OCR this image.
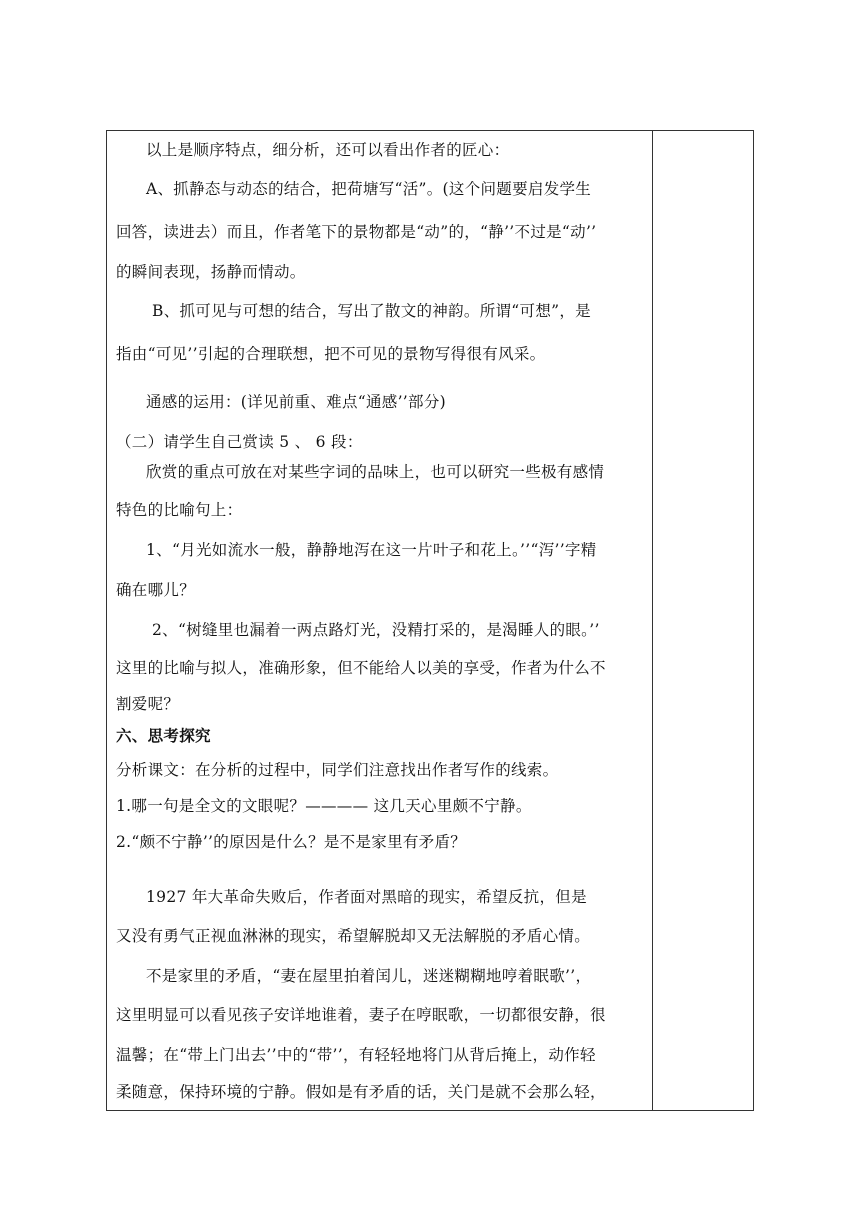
以上是顺序特点，细分析，还可以看出作者的匠心：
A、抓静态与动态的结合，把荷塘写“活”。(这个问题要启发学生
回答，读进去）而且，作者笔下的景物都是“动”的，“静’’不过是“动’’
的瞬间表现，扬静而情动。
B、抓可见与可想的结合，写出了散文的神韵。所谓“可想”，是
指由“可见’’引起的合理联想，把不可见的景物写得很有风采。
通感的运用：(详见前重、难点“通感’’部分)
（二）请学生自己赏读 5 、 6 段：
欣赏的重点可放在对某些字词的品味上，也可以研究一些极有感情
特色的比喻句上：
1、“月光如流水一般，静静地泻在这一片叶子和花上。’’“泻’’字精
确在哪儿？
2、“树缝里也漏着一两点路灯光，没精打采的，是渴睡人的眼。’’
这里的比喻与拟人，准确形象，但不能给人以美的享受，作者为什么不
割爱呢？
六、思考探究
分析课文：在分析的过程中，同学们注意找出作者写作的线索。
1.哪一句是全文的文眼呢？———— 这几天心里颇不宁静。
2.“颇不宁静’’的原因是什么？是不是家里有矛盾？
1927 年大革命失败后，作者面对黑暗的现实，希望反抗，但是
又没有勇气正视血淋淋的现实，希望解脱却又无法解脱的矛盾心情。
不是家里的矛盾，“妻在屋里拍着闰儿，迷迷糊糊地哼着眠歌’’，
这里明显可以看见孩子安详地谁着，妻子在哼眠歌，一切都很安静，很
温馨；在“带上门出去’’中的“带’’，有轻轻地将门从背后掩上，动作轻
柔随意，保持环境的宁静。假如是有矛盾的话，关门是就不会那么轻，
